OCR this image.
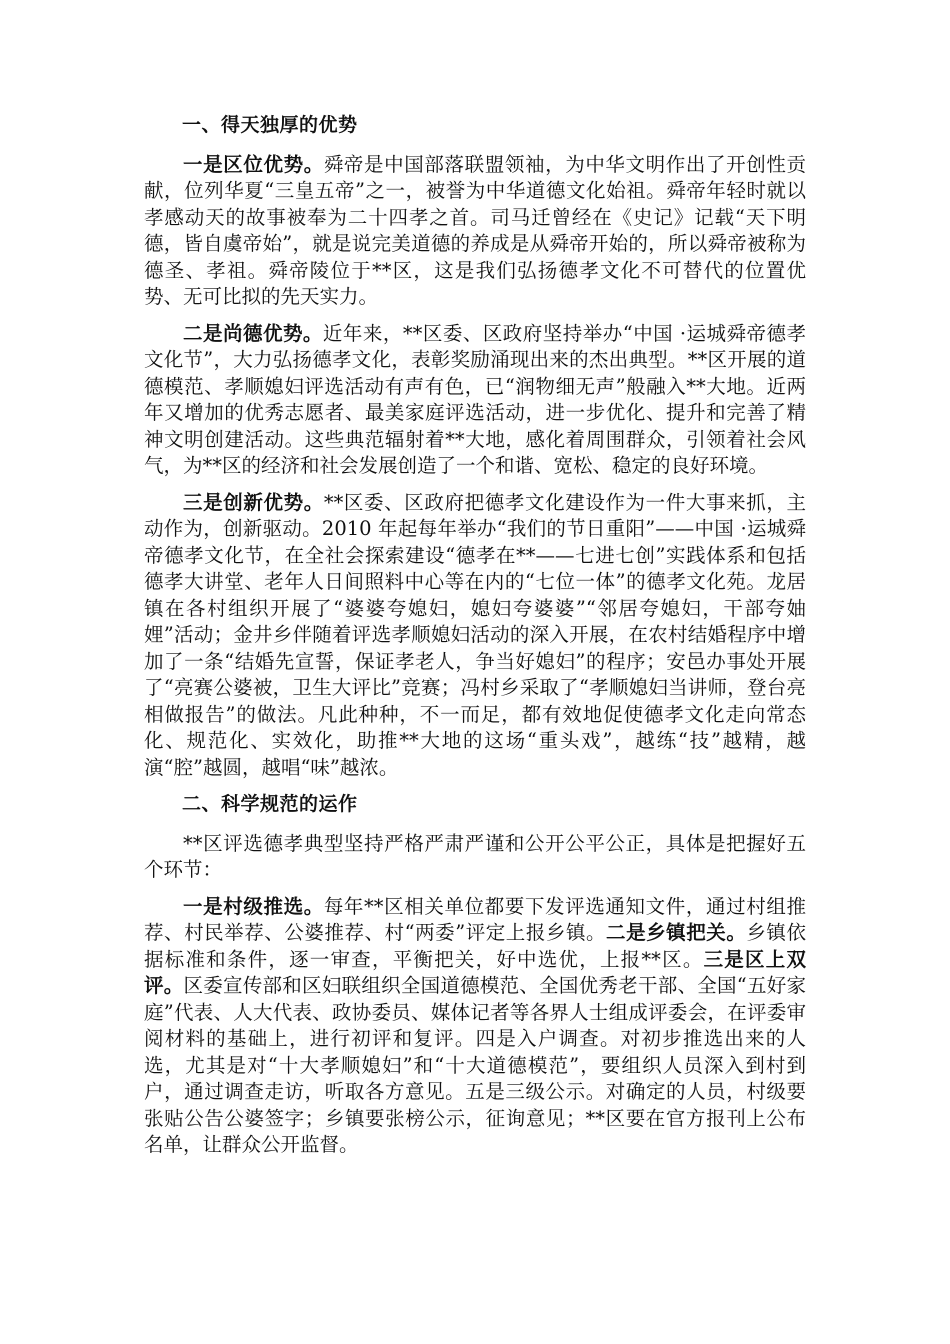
一、得天独厚的优势

一是区位优势。舜帝是中国部落联盟领袖，为中华文明作出了开创性贡献，位列华夏“三皇五帝”之一，被誉为中华道德文化始祖。舜帝年轻时就以孝感动天的故事被奉为二十四孝之首。司马迁曾经在《史记》记载“天下明德，皆自虞帝始”，就是说完美道德的养成是从舜帝开始的，所以舜帝被称为德圣、孝祖。舜帝陵位于**区，这是我们弘扬德孝文化不可替代的位置优势、无可比拟的先天实力。

二是尚德优势。近年来，**区委、区政府坚持举办“中国 ·运城舜帝德孝文化节”，大力弘扬德孝文化，表彰奖励涌现出来的杰出典型。**区开展的道德模范、孝顺媳妇评选活动有声有色，已“润物细无声”般融入**大地。近两年又增加的优秀志愿者、最美家庭评选活动，进一步优化、提升和完善了精神文明创建活动。这些典范辐射着**大地，感化着周围群众，引领着社会风气，为**区的经济和社会发展创造了一个和谐、宽松、稳定的良好环境。

三是创新优势。**区委、区政府把德孝文化建设作为一件大事来抓，主动作为，创新驱动。2010 年起每年举办“我们的节日重阳”——中国 ·运城舜帝德孝文化节，在全社会探索建设“德孝在**——七进七创”实践体系和包括德孝大讲堂、老年人日间照料中心等在内的“七位一体”的德孝文化苑。龙居镇在各村组织开展了“婆婆夸媳妇，媳妇夸婆婆”“邻居夸媳妇，干部夸妯娌”活动；金井乡伴随着评选孝顺媳妇活动的深入开展，在农村结婚程序中增加了一条“结婚先宣誓，保证孝老人，争当好媳妇”的程序；安邑办事处开展了“亮赛公婆被，卫生大评比”竞赛；冯村乡采取了“孝顺媳妇当讲师，登台亮相做报告”的做法。凡此种种，不一而足，都有效地促使德孝文化走向常态化、规范化、实效化，助推**大地的这场“重头戏”，越练“技”越精，越演“腔”越圆，越唱“味”越浓。

二、科学规范的运作

**区评选德孝典型坚持严格严肃严谨和公开公平公正，具体是把握好五个环节：

一是村级推选。每年**区相关单位都要下发评选通知文件，通过村组推荐、村民举荐、公婆推荐、村“两委”评定上报乡镇。二是乡镇把关。乡镇依据标准和条件，逐一审查，平衡把关，好中选优，上报**区。三是区上双评。区委宣传部和区妇联组织全国道德模范、全国优秀老干部、全国“五好家庭”代表、人大代表、政协委员、媒体记者等各界人士组成评委会，在评委审阅材料的基础上，进行初评和复评。四是入户调查。对初步推选出来的人选，尤其是对“十大孝顺媳妇”和“十大道德模范”，要组织人员深入到村到户，通过调查走访，听取各方意见。五是三级公示。对确定的人员，村级要张贴公告公婆签字；乡镇要张榜公示，征询意见；**区要在官方报刊上公布名单，让群众公开监督。
